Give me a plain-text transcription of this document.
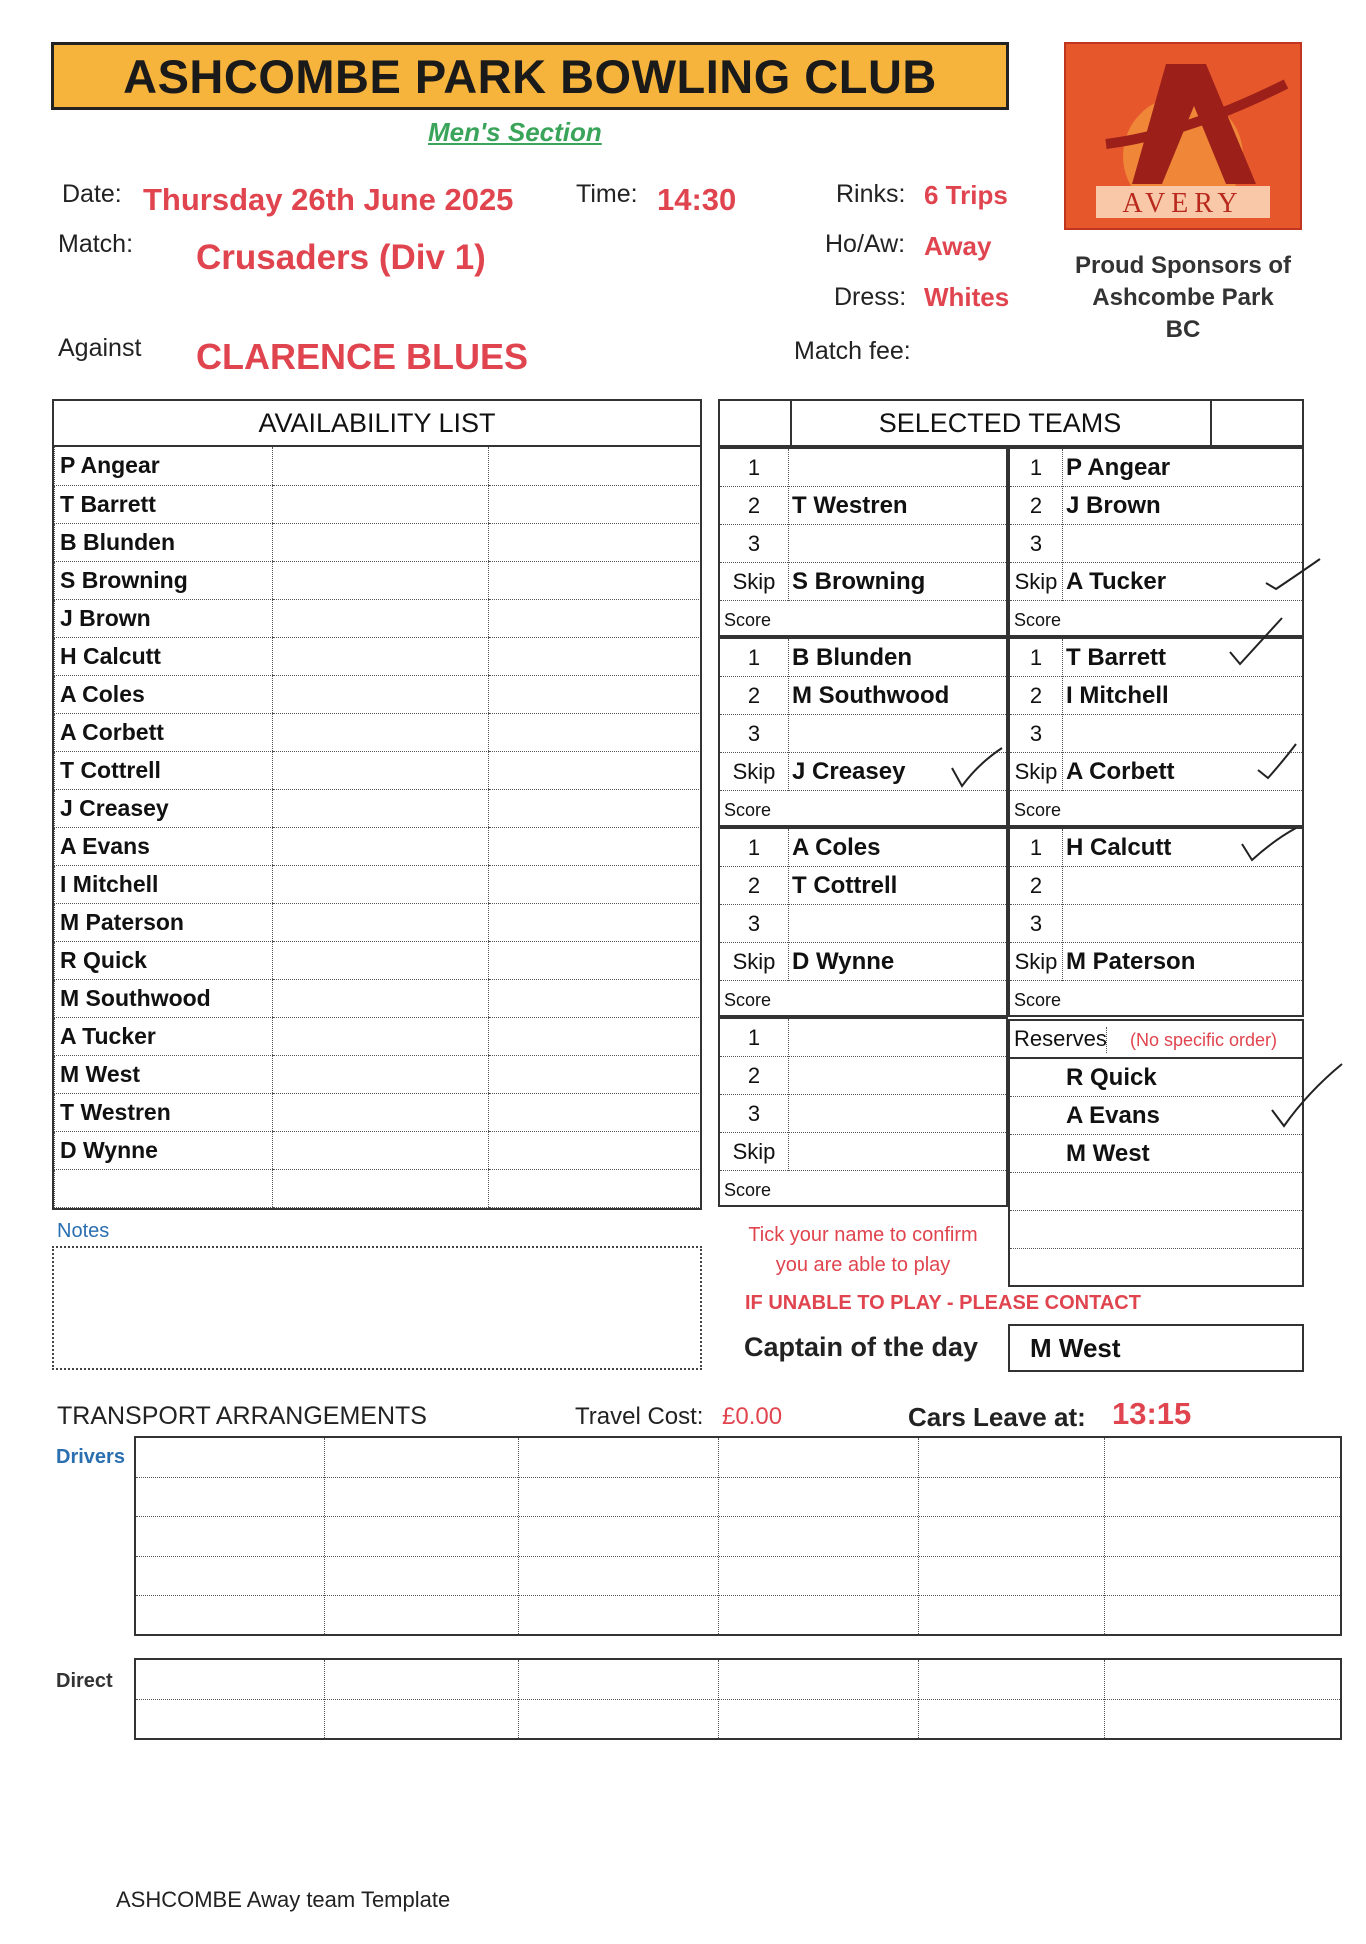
ASHCOMBE PARK BOWLING CLUB
Men's Section
AVERY
Proud Sponsors of
Ashcombe Park
BC
Date: Thursday 26th June 2025	Time: 14:30	Rinks: 6 Trips
Match: Crusaders (Div 1)	Ho/Aw: Away
Dress: Whites
Against CLARENCE BLUES	Match fee:
AVAILABILITY LIST
P Angear		
T Barrett		
B Blunden		
S Browning		
J Brown		
H Calcutt		
A Coles		
A Corbett		
T Cottrell		
J Creasey		
A Evans		
I Mitchell		
M Paterson		
R Quick		
M Southwood		
A Tucker		
M West		
T Westren		
D Wynne		

SELECTED TEAMS
1
2	T Westren
3
Skip S Browning
Score
1 P Angear
2 J Brown
3
Skip A Tucker
Score
1	B Blunden
2	M Southwood
3
Skip J Creasey
Score
1 T Barrett
2 I Mitchell
3
Skip A Corbett
Score
1	A Coles
2	T Cottrell
3
Skip D Wynne
Score
1 H Calcutt
2
3
Skip M Paterson
Score
1
2
3
Skip
Score
Reserves (No specific order)
R Quick
A Evans
M West
Notes	Tick your name to confirm
you are able to play
IF UNABLE TO PLAY - PLEASE CONTACT
Captain of the day M West
TRANSPORT ARRANGEMENTS	Travel Cost: £0.00	Cars Leave at: 13:15
Drivers
Direct
ASHCOMBE Away team Template
